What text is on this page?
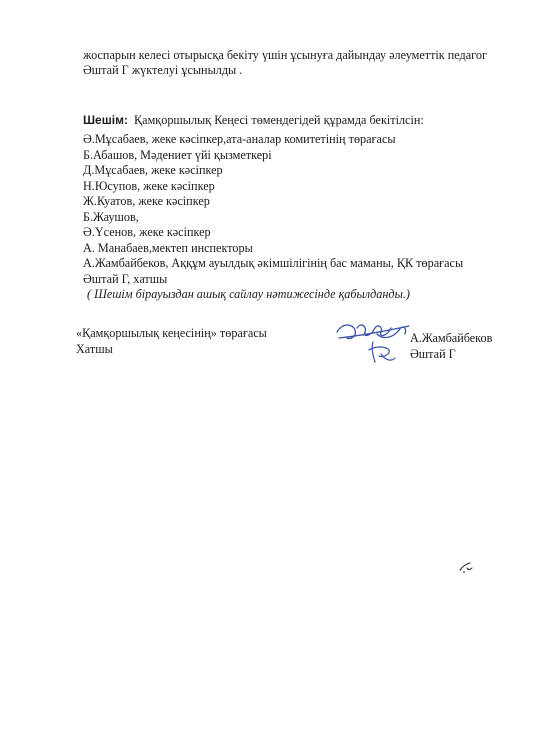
жоспарын келесі отырысқа бекіту үшін ұсынуға дайындау әлеуметтік педагог
Әштай Г жүктелуі ұсынылды .
Шешім: Қамқоршылық Кеңесі төмендегідей құрамда бекітілсін:
Ә.Мұсабаев, жеке кәсіпкер,ата-аналар комитетінің төрағасы
Б.Абашов, Мәдениет үйі қызметкері
Д.Мұсабаев, жеке кәсіпкер
Н.Юсупов, жеке кәсіпкер
Ж.Куатов, жеке кәсіпкер
Б.Жаушов,
Ә.Үсенов, жеке кәсіпкер
А. Манабаев,мектеп инспекторы
А.Жамбайбеков, Аққұм ауылдық әкімшілігінің бас маманы, ҚК төрағасы
Әштай Г, хатшы
( Шешім бірауыздан ашық сайлау нәтижесінде қабылданды.)
«Қамқоршылық кеңесінің» төрағасы
Хатшы
А.Жамбайбеков
Әштай Г
